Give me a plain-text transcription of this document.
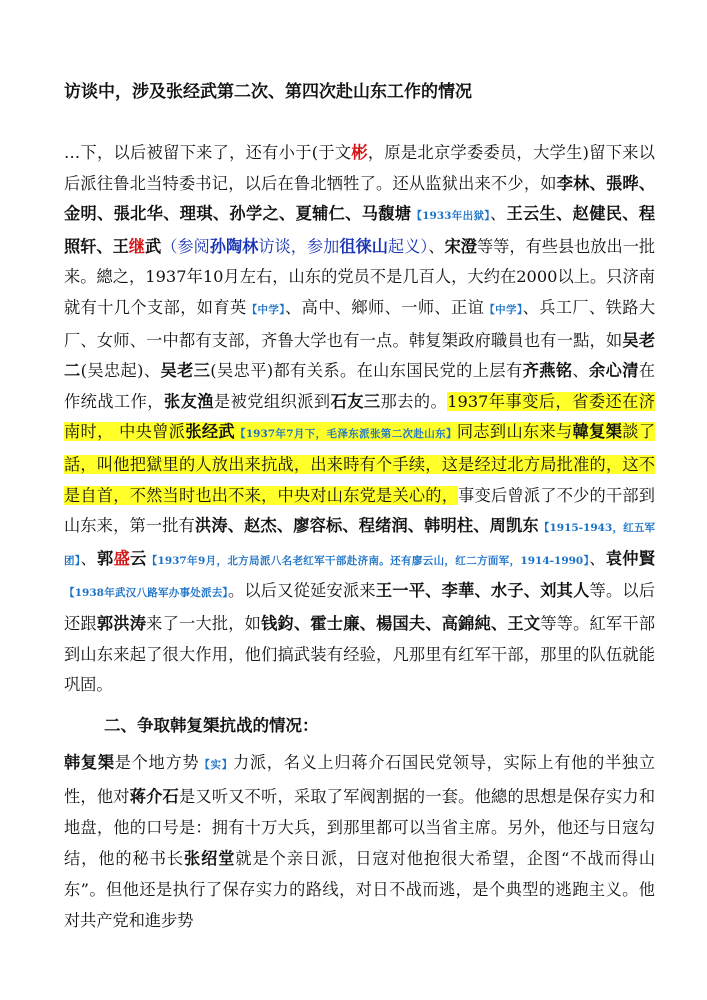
访谈中，涉及张经武第二次、第四次赴山东工作的情况

…下，以后被留下来了，还有小于(于文彬，原是北京学委委员，大学生)留下来以后派往鲁北当特委书记，以后在鲁北牺牲了。还从监狱出来不少，如李林、張晔、金明、張北华、理琪、孙学之、夏辅仁、马馥塘【1933年出狱】、王云生、赵健民、程照轩、王继武（参阅孙陶林访谈，参加徂徕山起义）、宋澄等等，有些县也放出一批来。總之，1937年10月左右，山东的党员不是几百人，大约在2000以上。只济南就有十几个支部，如育英【中学】、高中、鄉师、一师、正谊【中学】、兵工厂、铁路大厂、女师、一中都有支部，齐鲁大学也有一点。韩复榘政府職員也有一點，如吴老二(吴忠起)、吴老三(吴忠平)都有关系。在山东国民党的上层有齐燕铭、余心清在作统战工作，张友渔是被党组织派到石友三那去的。1937年事变后，省委还在济南时， 中央曾派张经武【1937年7月下，毛泽东派张第二次赴山东】同志到山东来与韓复榘談了話，叫他把獄里的人放出来抗战，出来時有个手续，这是经过北方局批准的，这不是自首，不然当时也出不来，中央对山东党是关心的，事变后曾派了不少的干部到山东来，第一批有洪涛、赵杰、廖容标、程绪润、韩明柱、周凯东【1915-1943，红五军团】、郭盛云【1937年9月，北方局派八名老红军干部赴济南。还有廖云山，红二方面军，1914-1990】、袁仲賢【1938年武汉八路军办事处派去】。以后又從延安派来王一平、李華、水子、刘其人等。以后还跟郭洪涛来了一大批，如钱鈞、霍士廉、楊国夫、高錦純、王文等等。紅军干部到山东来起了很大作用，他们搞武装有经验，凡那里有红军干部，那里的队伍就能巩固。

二、争取韩复榘抗战的情况：

韩复榘是个地方势【实】力派，名义上归蒋介石国民党领导，实际上有他的半独立性，他对蒋介石是又听又不听，采取了军阀割据的一套。他總的思想是保存实力和地盘，他的口号是：拥有十万大兵，到那里都可以当省主席。另外，他还与日寇勾结，他的秘书长张绍堂就是个亲日派，日寇对他抱很大希望，企图“不战而得山东”。但他还是执行了保存实力的路线，对日不战而逃，是个典型的逃跑主义。他对共产党和進步势
